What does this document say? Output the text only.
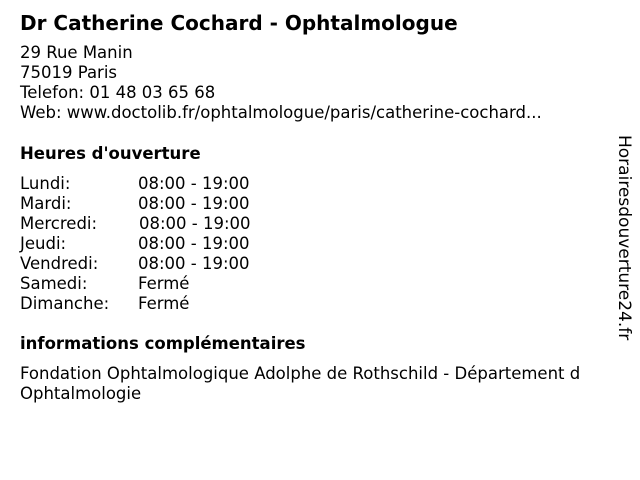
Dr Catherine Cochard - Ophtalmologue
29 Rue Manin
75019 Paris
Telefon: 01 48 03 65 68
Web: www.doctolib.fr/ophtalmologue/paris/catherine-cochard...
Heures d'ouverture
Lundi:	08:00 - 19:00
Mardi:	08:00 - 19:00
Mercredi:	08:00 - 19:00
Jeudi:	08:00 - 19:00
Vendredi: 08:00 - 19:00
Samedi:	Fermé
Dimanche: Fermé
informations complémentaires
Fondation Ophtalmologique Adolphe de Rothschild - Département d
Ophtalmologie
Horairesdouverture24.fr
